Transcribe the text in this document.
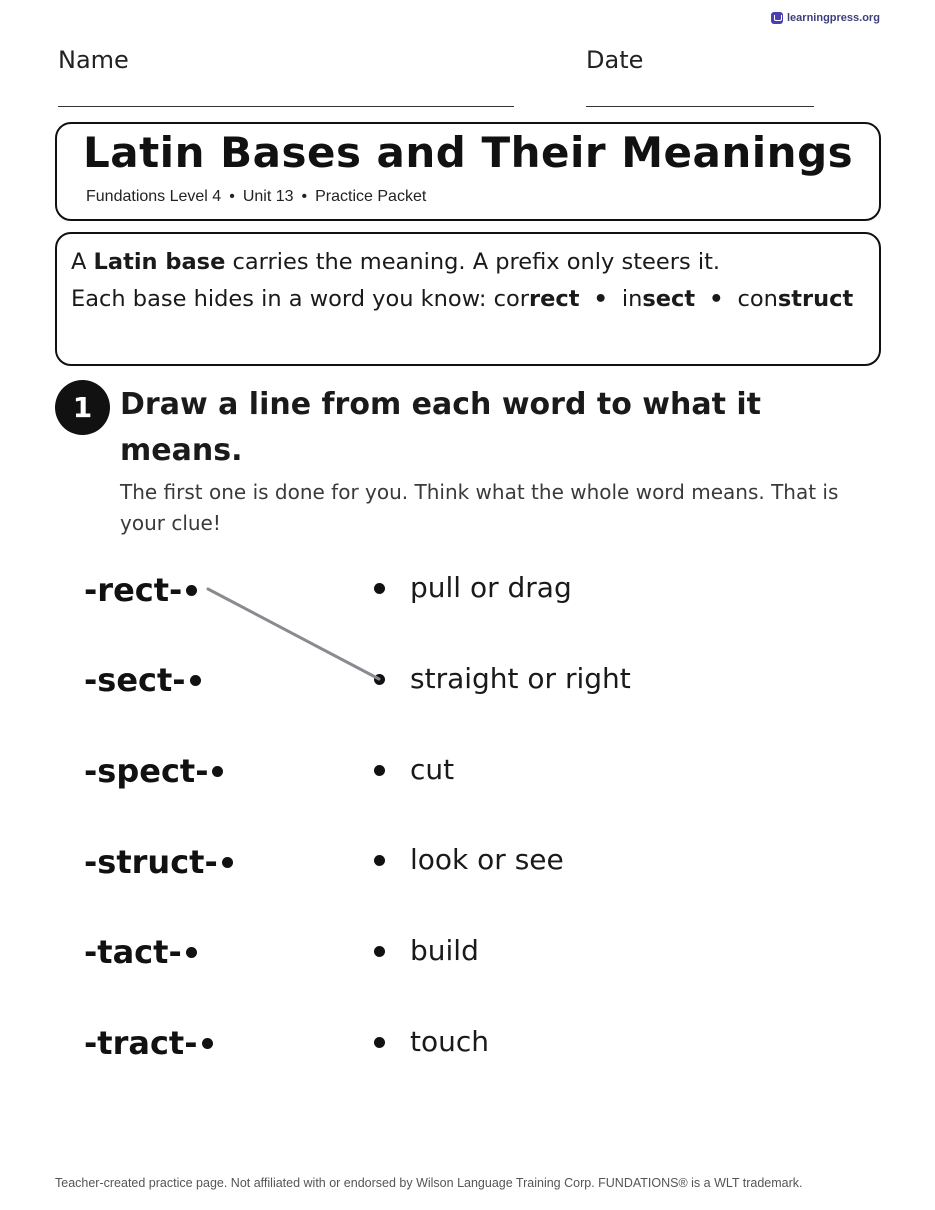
learningpress.org
Name	Date
Latin Bases and Their Meanings
Fundations Level 4 • Unit 13 • Practice Packet
A Latin base carries the meaning. A prefix only steers it.
Each base hides in a word you know: correct • insect • construct
1 Draw a line from each word to what it means.
The first one is done for you. Think what the whole word means. That is your clue!
-rect-
-sect-
-spect-
-struct-
-tact-
-tract-
pull or drag
straight or right
cut
look or see
build
touch
Teacher-created practice page. Not affiliated with or endorsed by Wilson Language Training Corp. FUNDATIONS® is a WLT trademark.
